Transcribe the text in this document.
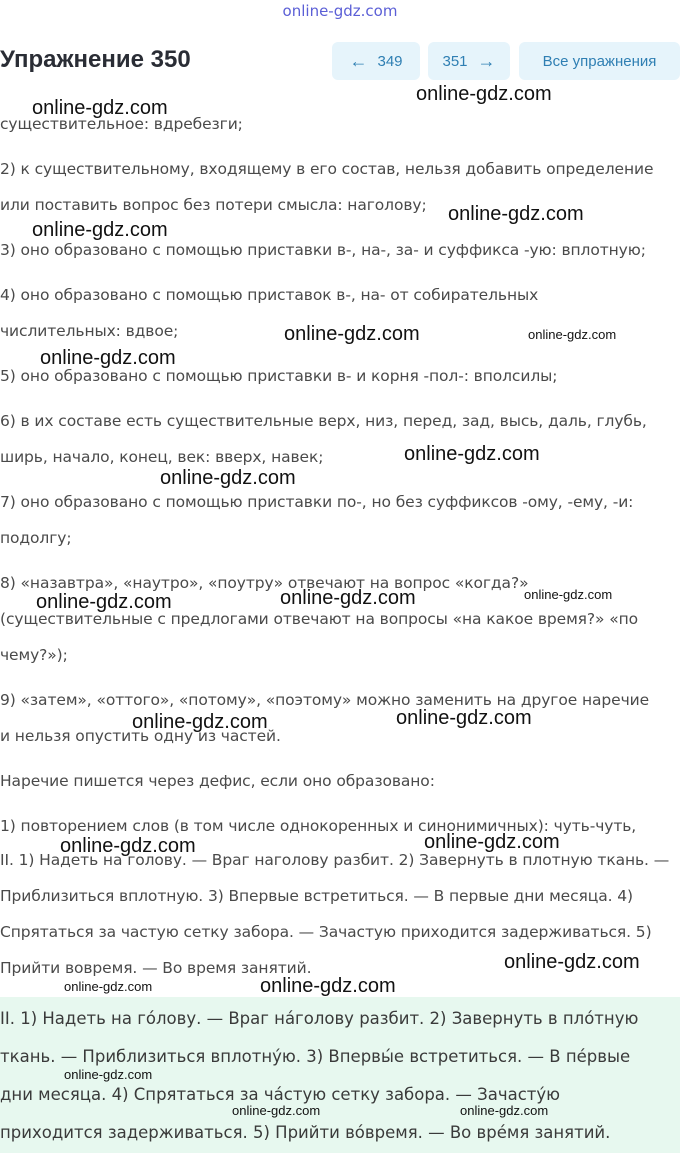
online-gdz.com
Упражнение 350	← 349	351 →	Все упражнения

существительное: вдребезги;

2) к существительному, входящему в его состав, нельзя добавить определение

или поставить вопрос без потери смысла: наголову;

3) оно образовано с помощью приставки в-, на-, за- и суффикса -ую: вплотную;

4) оно образовано с помощью приставок в-, на- от собирательных

числительных: вдвое;

5) оно образовано с помощью приставки в- и корня -пол-: вполсилы;

6) в их составе есть существительные верх, низ, перед, зад, высь, даль, глубь,

ширь, начало, конец, век: вверх, навек;

7) оно образовано с помощью приставки по-, но без суффиксов -ому, -ему, -и:

подолгу;

8) «назавтра», «наутро», «поутру» отвечают на вопрос «когда?»

(существительные с предлогами отвечают на вопросы «на какое время?» «по

чему?»);

9) «затем», «оттого», «потому», «поэтому» можно заменить на другое наречие

и нельзя опустить одну из частей.

Наречие пишется через дефис, если оно образовано:

1) повторением слов (в том числе однокоренных и синонимичных): чуть-чуть,

II. 1) Надеть на голову. — Враг наголову разбит. 2) Завернуть в плотную ткань. —

Приблизиться вплотную. 3) Впервые встретиться. — В первые дни месяца. 4)

Спрятаться за частую сетку забора. — Зачастую приходится задерживаться. 5)

Прийти вовремя. — Во время занятий.

II. 1) Надеть на гóлову. — Враг нáголову разбит. 2) Завернуть в плóтную

ткань. — Приблизиться вплотнýю. 3) Впервы́е встретиться. — В пéрвые

дни месяца. 4) Спрятаться за чáстую сетку забора. — Зачастýю

приходится задерживаться. 5) Прийти вóвремя. — Во врéмя занятий.

online-gdz.com
online-gdz.com
online-gdz.com
online-gdz.com
online-gdz.com	online-gdz.com
online-gdz.com
online-gdz.com
online-gdz.com
online-gdz.com	online-gdz.com	online-gdz.com
online-gdz.com	online-gdz.com
online-gdz.com	online-gdz.com
online-gdz.com
online-gdz.com	online-gdz.com
online-gdz.com
online-gdz.com	online-gdz.com
